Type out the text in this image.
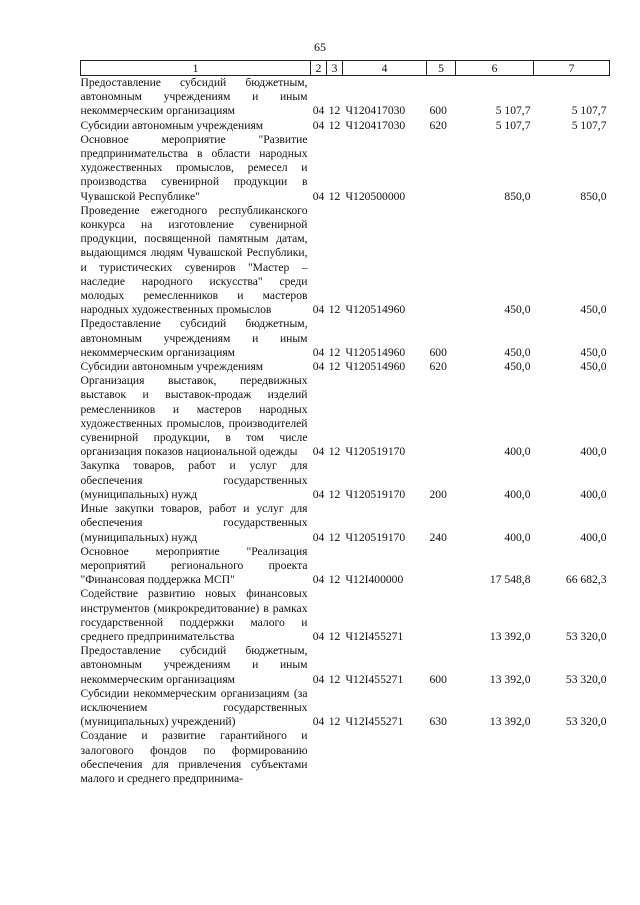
65
1	2	3	4	5	6	7
Предоставление субсидий бюджетным, автономным учреждениям и иным некоммерческим организациям	04	12	Ч120417030	600	5 107,7	5 107,7
Субсидии автономным учреждениям	04	12	Ч120417030	620	5 107,7	5 107,7
Основное мероприятие "Развитие предпринимательства в области народных художественных промыслов, ремесел и производства сувенирной продукции в Чувашской Республике"	04	12	Ч120500000		850,0	850,0
Проведение ежегодного республиканского конкурса на изготовление сувенирной продукции, посвященной памятным датам, выдающимся людям Чувашской Республики, и туристических сувениров "Мастер – наследие народного искусства" среди молодых ремесленников и мастеров народных художественных промыслов	04	12	Ч120514960		450,0	450,0
Предоставление субсидий бюджетным, автономным учреждениям и иным некоммерческим организациям	04	12	Ч120514960	600	450,0	450,0
Субсидии автономным учреждениям	04	12	Ч120514960	620	450,0	450,0
Организация выставок, передвижных выставок и выставок-продаж изделий ремесленников и мастеров народных художественных промыслов, производителей сувенирной продукции, в том числе организация показов национальной одежды	04	12	Ч120519170		400,0	400,0
Закупка товаров, работ и услуг для обеспечения государственных (муниципальных) нужд	04	12	Ч120519170	200	400,0	400,0
Иные закупки товаров, работ и услуг для обеспечения государственных (муниципальных) нужд	04	12	Ч120519170	240	400,0	400,0
Основное мероприятие "Реализация мероприятий регионального проекта "Финансовая поддержка МСП"	04	12	Ч12I400000		17 548,8	66 682,3
Содействие развитию новых финансовых инструментов (микрокредитование) в рамках государственной поддержки малого и среднего предпринимательства	04	12	Ч12I455271		13 392,0	53 320,0
Предоставление субсидий бюджетным, автономным учреждениям и иным некоммерческим организациям	04	12	Ч12I455271	600	13 392,0	53 320,0
Субсидии некоммерческим организациям (за исключением государственных (муниципальных) учреждений)	04	12	Ч12I455271	630	13 392,0	53 320,0
Создание и развитие гарантийного и залогового фондов по формированию обеспечения для привлечения субъектами малого и среднего предпринима-						
